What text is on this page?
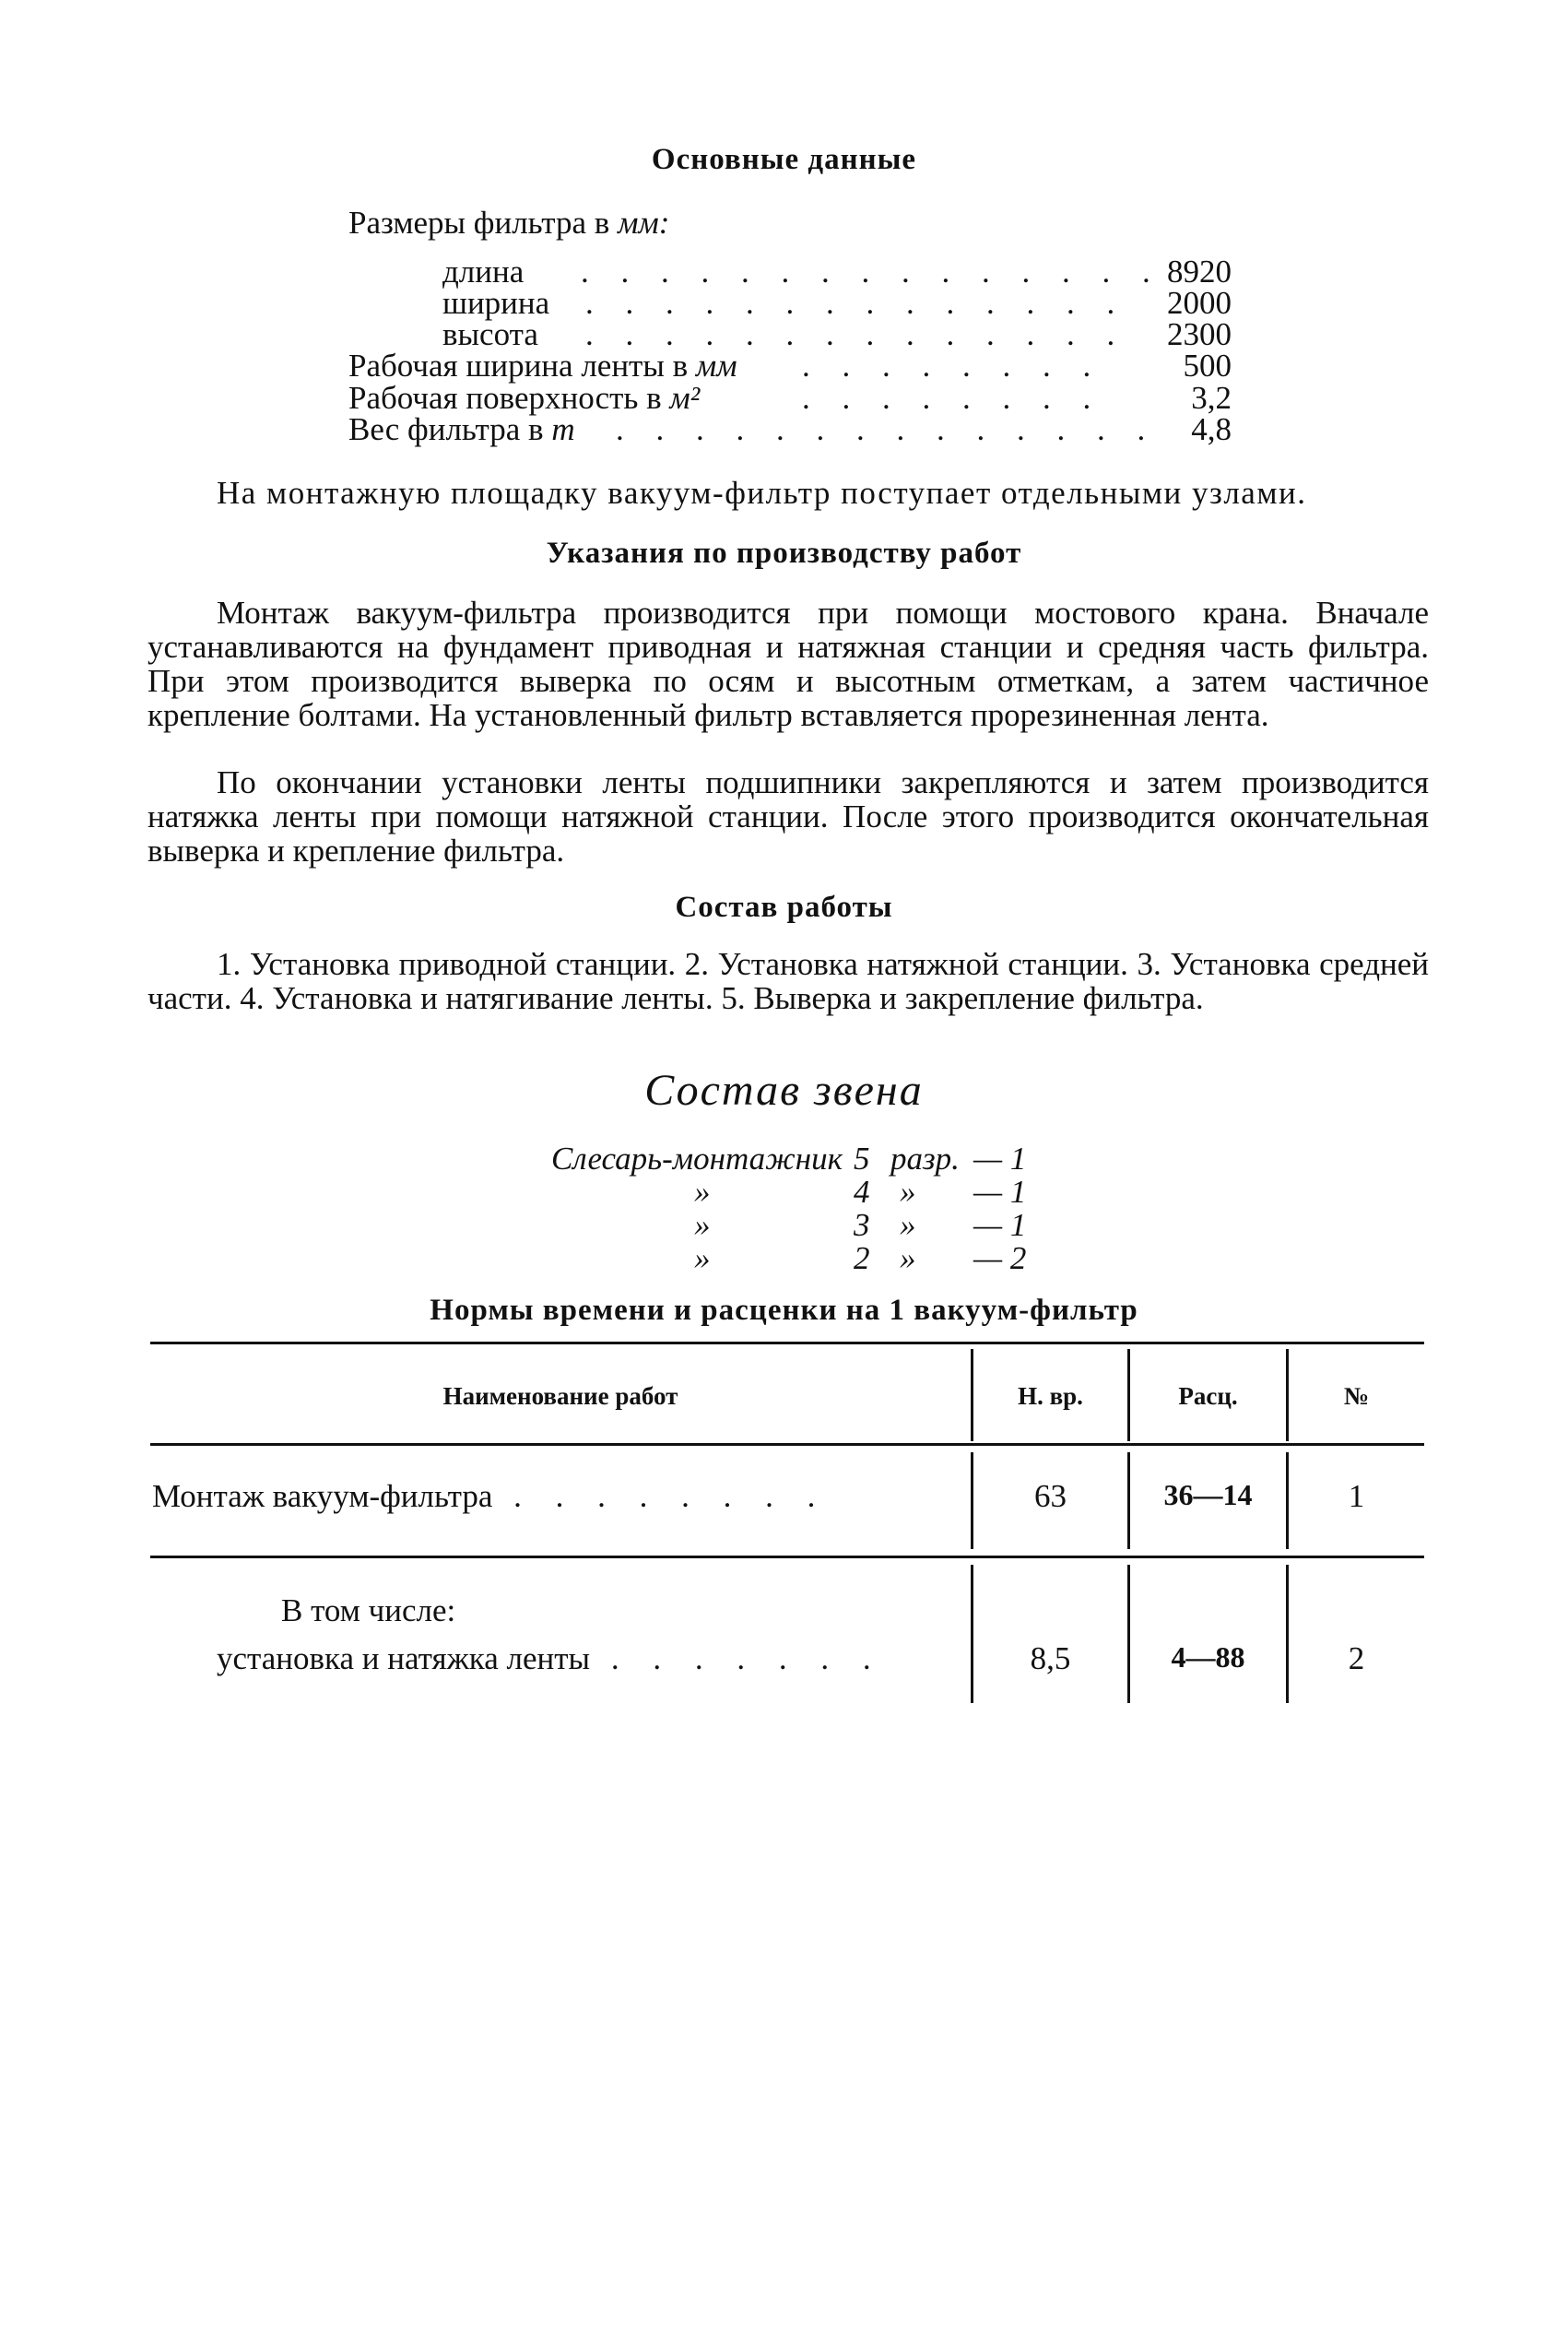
Основные данные
Размеры фильтра в мм:
длина . . . . . . . . . . . . . . . 8920
ширина . . . . . . . . . . . . . .	2000
высота . . . . . . . . . . . . . .	2300
Рабочая ширина ленты в мм . . . . . . . .	500
Рабочая поверхность в м²	. . . . . . . .	3,2
Вес фильтра в т . . . . . . . . . . . . . .	4,8
На монтажную площадку вакуум-фильтр поступает отдельными узлами.
Указания по производству работ
Монтаж вакуум-фильтра производится при помощи мостового крана. Вначале устанавливаются на фундамент приводная и натяжная станции и средняя часть фильтра. При этом производится выверка по осям и высотным отметкам, а затем частичное крепление болтами. На установленный фильтр вставляется прорезиненная лента.
По окончании установки ленты подшипники закрепляются и затем производится натяжка ленты при помощи натяжной станции. После этого производится окончательная выверка и крепление фильтра.
Состав работы
1. Установка приводной станции. 2. Установка натяжной станции. 3. Установка средней части. 4. Установка и натягивание ленты. 5. Выверка и закрепление фильтра.
Состав звена
Слесарь-монтажник 5 разр. — 1
»	4 » — 1
»	3 » — 1
»	2 » — 2
Нормы времени и расценки на 1 вакуум-фильтр
Наименование работ	Н. вр.	Расц.	№
Монтаж вакуум-фильтра . . . . . . . .	63	36—14	1
В том числе:
установка и натяжка ленты . . . . . . .	8,5	4—88	2
